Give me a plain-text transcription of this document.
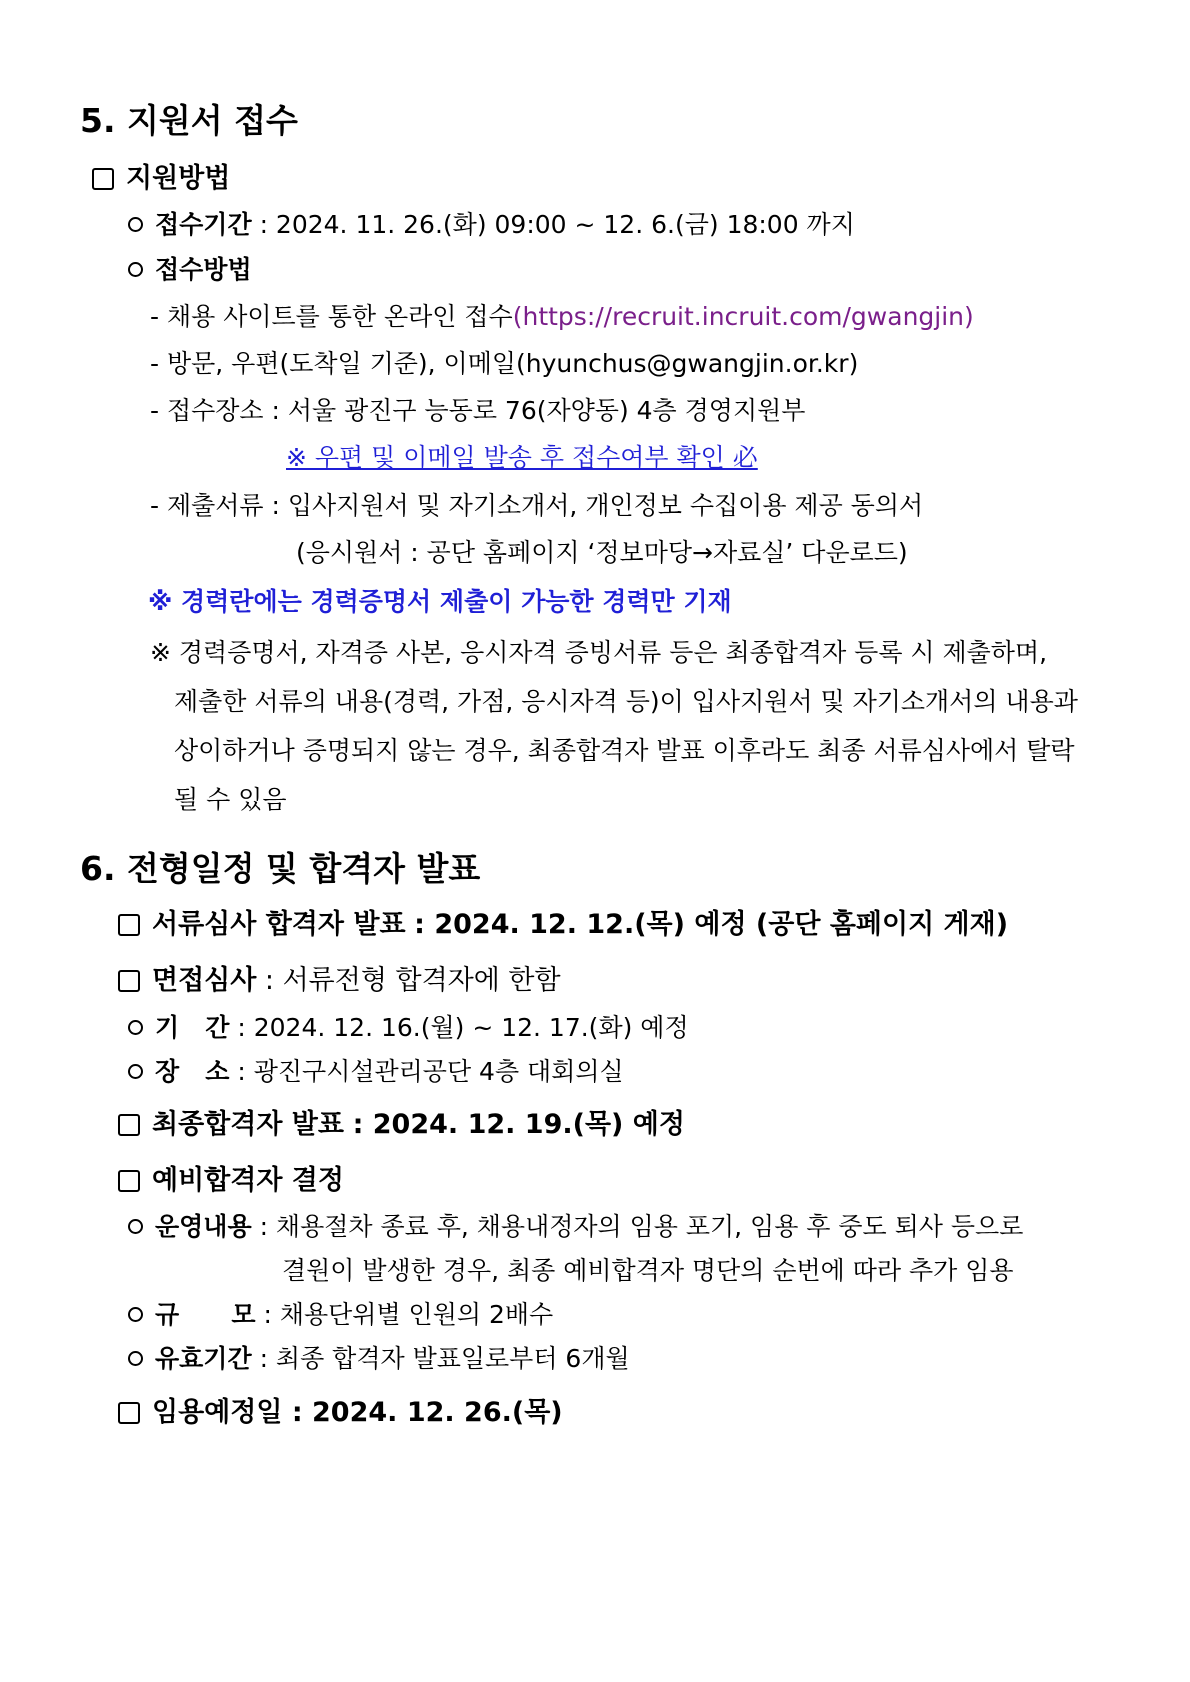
5. 지원서 접수
지원방법
접수기간 : 2024. 11. 26.(화) 09:00 ~ 12. 6.(금) 18:00 까지
접수방법
- 채용 사이트를 통한 온라인 접수(https://recruit.incruit.com/gwangjin)
- 방문, 우편(도착일 기준), 이메일(hyunchus@gwangjin.or.kr)
- 접수장소 : 서울 광진구 능동로 76(자양동) 4층 경영지원부
※ 우편 및 이메일 발송 후 접수여부 확인 必
- 제출서류 : 입사지원서 및 자기소개서, 개인정보 수집이용 제공 동의서
(응시원서 : 공단 홈페이지 ‘정보마당→자료실’ 다운로드)
※ 경력란에는 경력증명서 제출이 가능한 경력만 기재
※ 경력증명서, 자격증 사본, 응시자격 증빙서류 등은 최종합격자 등록 시 제출하며,
제출한 서류의 내용(경력, 가점, 응시자격 등)이 입사지원서 및 자기소개서의 내용과
상이하거나 증명되지 않는 경우, 최종합격자 발표 이후라도 최종 서류심사에서 탈락
될 수 있음
6. 전형일정 및 합격자 발표
서류심사 합격자 발표 : 2024. 12. 12.(목) 예정 (공단 홈페이지 게재)
면접심사 : 서류전형 합격자에 한함
기   간 : 2024. 12. 16.(월) ~ 12. 17.(화) 예정
장   소 : 광진구시설관리공단 4층 대회의실
최종합격자 발표 : 2024. 12. 19.(목) 예정
예비합격자 결정
운영내용 : 채용절차 종료 후, 채용내정자의 임용 포기, 임용 후 중도 퇴사 등으로
결원이 발생한 경우, 최종 예비합격자 명단의 순번에 따라 추가 임용
규      모 : 채용단위별 인원의 2배수
유효기간 : 최종 합격자 발표일로부터 6개월
임용예정일 : 2024. 12. 26.(목)
